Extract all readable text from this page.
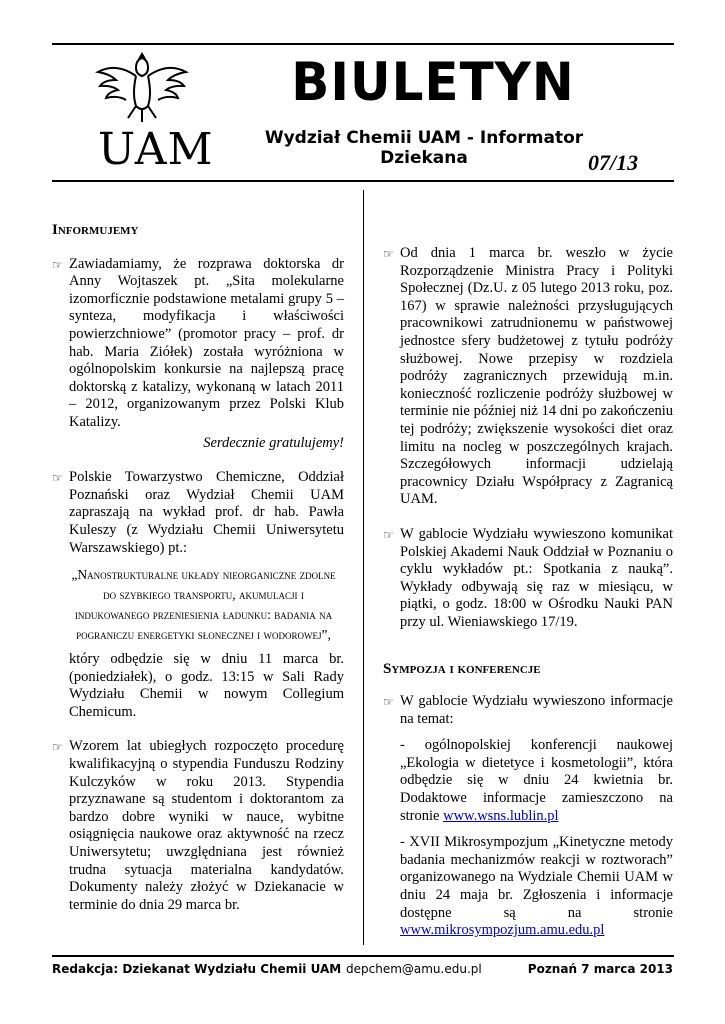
UAM
BIULETYN
Wydział Chemii UAM - Informator Dziekana	07/13

Informujemy

☞ Zawiadamiamy, że rozprawa doktorska dr Anny Wojtaszek pt. „Sita molekularne izomorficznie podstawione metalami grupy 5 – synteza, modyfikacja i właściwości powierzchniowe” (promotor pracy – prof. dr hab. Maria Ziółek) została wyróżniona w ogólnopolskim konkursie na najlepszą pracę doktorską z katalizy, wykonaną w latach 2011 – 2012, organizowanym przez Polski Klub Katalizy.

Serdecznie gratulujemy!

☞ Polskie Towarzystwo Chemiczne, Oddział Poznański oraz Wydział Chemii UAM zapraszają na wykład prof. dr hab. Pawła Kuleszy (z Wydziału Chemii Uniwersytetu Warszawskiego) pt.:

„Nanostrukturalne układy nieorganiczne zdolne do szybkiego transportu, akumulacji i indukowanego przeniesienia ładunku: badania na pograniczu energetyki słonecznej i wodorowej”,

który odbędzie się w dniu 11 marca br. (poniedziałek), o godz. 13:15 w Sali Rady Wydziału Chemii w nowym Collegium Chemicum.

☞ Wzorem lat ubiegłych rozpoczęto procedurę kwalifikacyjną o stypendia Funduszu Rodziny Kulczyków w roku 2013. Stypendia przyznawane są studentom i doktorantom za bardzo dobre wyniki w nauce, wybitne osiągnięcia naukowe oraz aktywność na rzecz Uniwersytetu; uwzględniana jest również trudna sytuacja materialna kandydatów. Dokumenty należy złożyć w Dziekanacie w terminie do dnia 29 marca br.

☞ Od dnia 1 marca br. weszło w życie Rozporządzenie Ministra Pracy i Polityki Społecznej (Dz.U. z 05 lutego 2013 roku, poz. 167) w sprawie należności przysługujących pracownikowi zatrudnionemu w państwowej jednostce sfery budżetowej z tytułu podróży służbowej. Nowe przepisy w rozdziela podróży zagranicznych przewidują m.in. konieczność rozliczenie podróży służbowej w terminie nie później niż 14 dni po zakończeniu tej podróży; zwiększenie wysokości diet oraz limitu na nocleg w poszczególnych krajach. Szczegółowych informacji udzielają pracownicy Działu Współpracy z Zagranicą UAM.

☞ W gablocie Wydziału wywieszono komunikat Polskiej Akademi Nauk Oddział w Poznaniu o cyklu wykładów pt.: Spotkania z nauką”. Wykłady odbywają się raz w miesiącu, w piątki, o godz. 18:00 w Ośrodku Nauki PAN przy ul. Wieniawskiego 17/19.

Sympozja i konferencje

☞ W gablocie Wydziału wywieszono informacje na temat:

- ogólnopolskiej konferencji naukowej „Ekologia w dietetyce i kosmetologii”, która odbędzie się w dniu 24 kwietnia br. Dodaktowe informacje zamieszczono na stronie www.wsns.lublin.pl

- XVII Mikrosympozjum „Kinetyczne metody badania mechanizmów reakcji w roztworach” organizowanego na Wydziale Chemii UAM w dniu 24 maja br. Zgłoszenia i informacje dostępne są na stronie www.mikrosympozjum.amu.edu.pl

Redakcja: Dziekanat Wydziału Chemii UAM depchem@amu.edu.pl	Poznań 7 marca 2013
